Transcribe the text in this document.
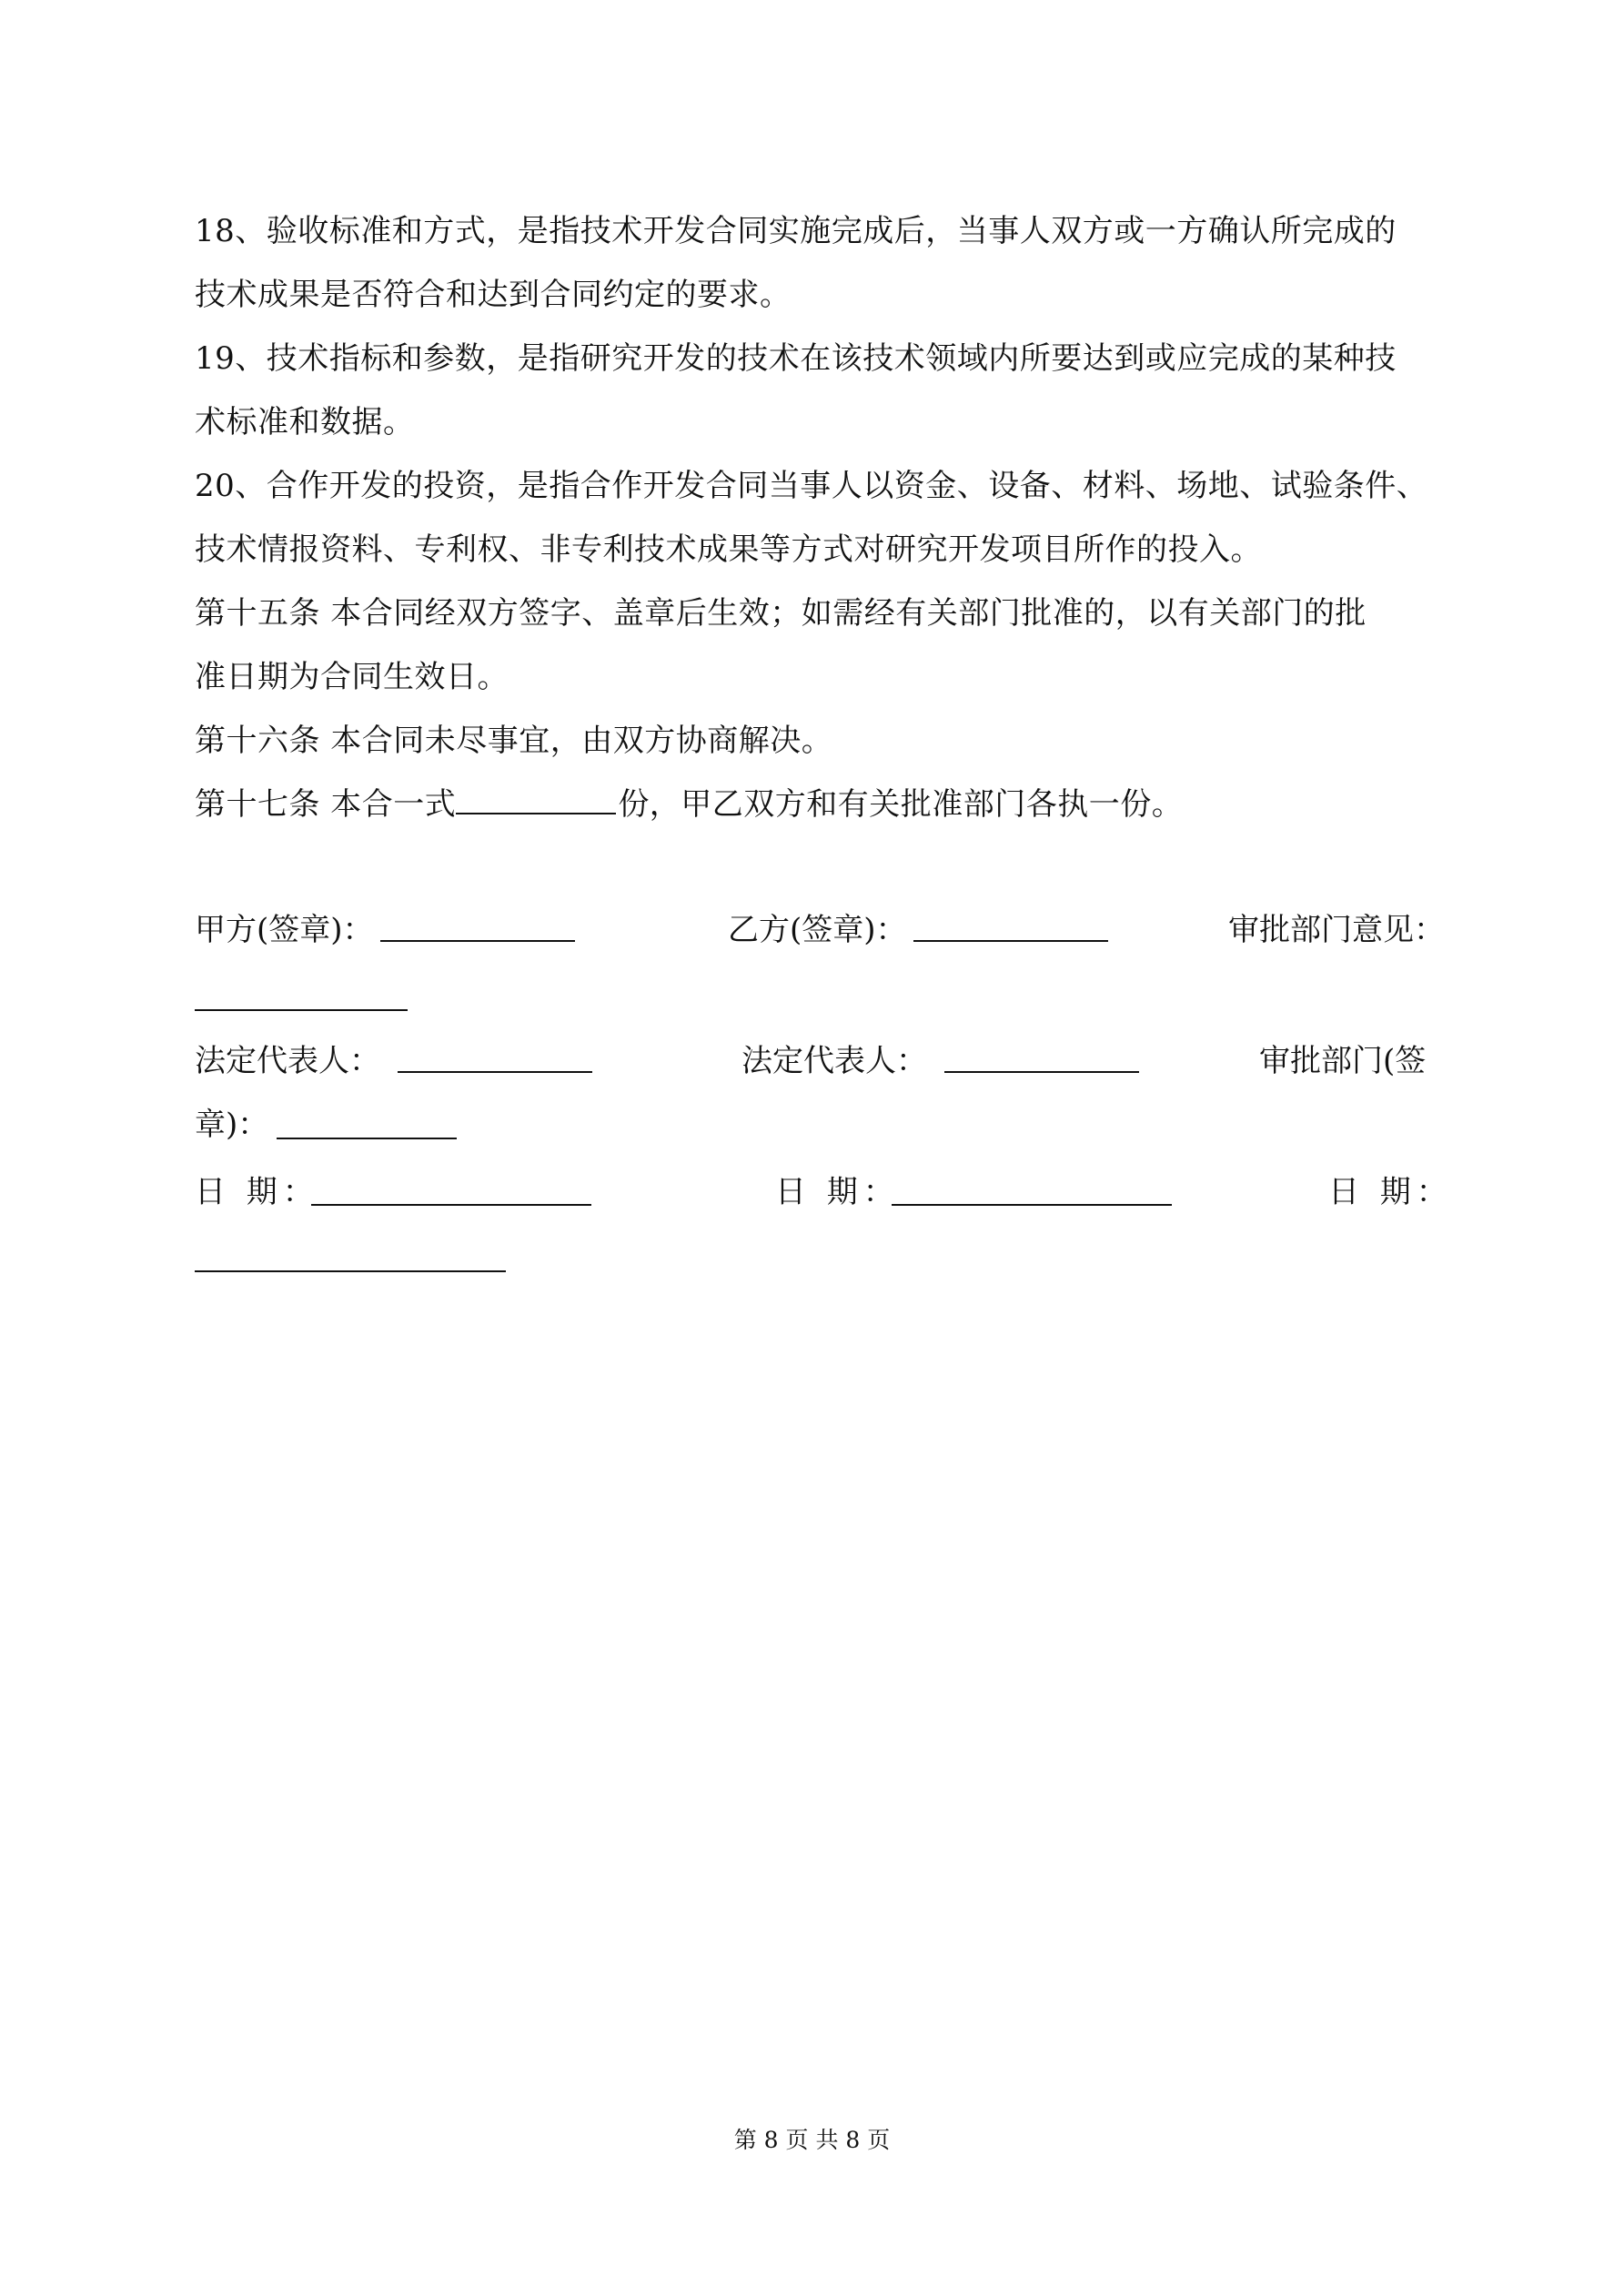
18、验收标准和方式，是指技术开发合同实施完成后，当事人双方或一方确认所完成的
技术成果是否符合和达到合同约定的要求。
19、技术指标和参数，是指研究开发的技术在该技术领域内所要达到或应完成的某种技
术标准和数据。
20、合作开发的投资，是指合作开发合同当事人以资金、设备、材料、场地、试验条件、
技术情报资料、专利权、非专利技术成果等方式对研究开发项目所作的投入。
第十五条 本合同经双方签字、盖章后生效；如需经有关部门批准的，以有关部门的批
准日期为合同生效日。
第十六条 本合同未尽事宜，由双方协商解决。
第十七条 本合一式	份，甲乙双方和有关批准部门各执一份。
甲方(签章)：	乙方(签章)：	审批部门意见：
法定代表人：	法定代表人：	审批部门(签
章)：
日 期：	日 期：	日 期：
第 8 页 共 8 页
